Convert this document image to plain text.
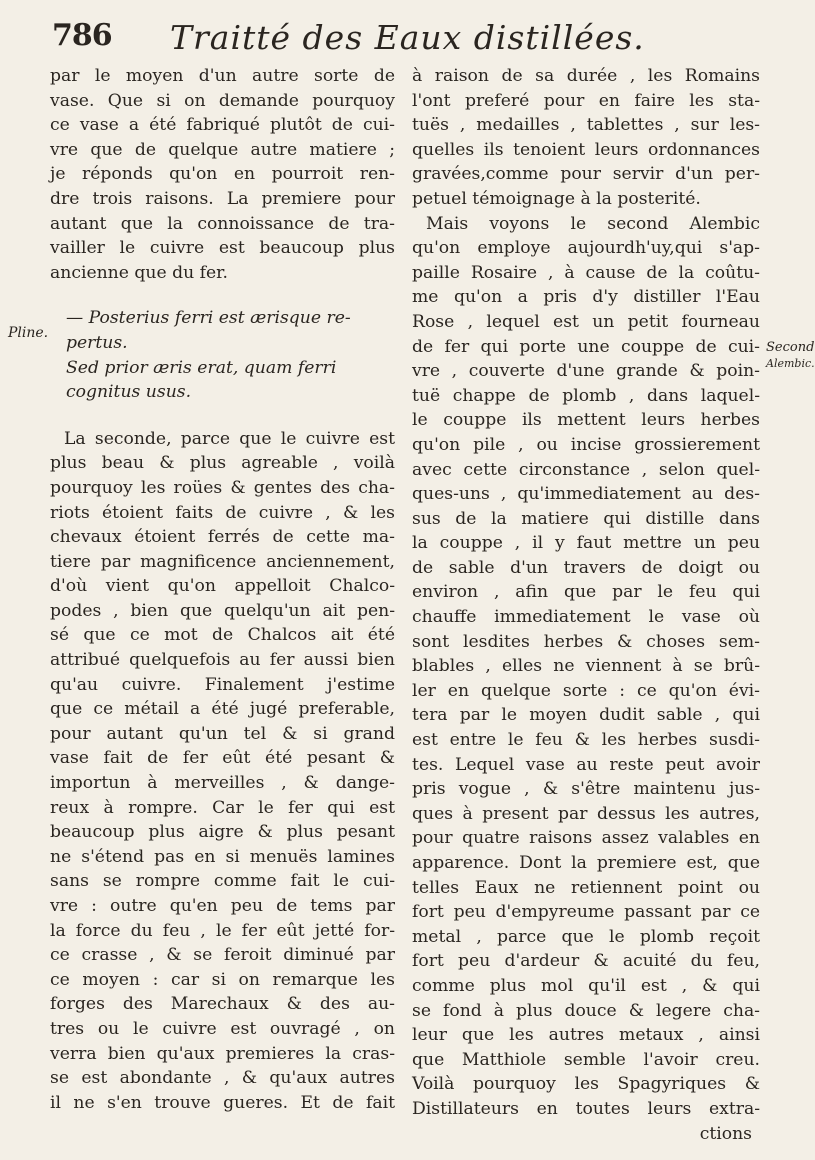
786 Traitté des Eaux distillées.
Pline.
Second
Alembic.
par le moyen d'un autre sorte de
vase. Que si on demande pourquoy
ce vase a été fabriqué plutôt de cui-
vre que de quelque autre matiere ;
je réponds qu'on en pourroit ren-
dre trois raisons. La premiere pour
autant que la connoissance de tra-
vailler le cuivre est beaucoup plus
ancienne que du fer.
— Posterius ferri est ærisque re-
pertus.
Sed prior æris erat, quam ferri
cognitus usus.
La seconde, parce que le cuivre est
plus beau & plus agreable , voilà
pourquoy les roües & gentes des cha-
riots étoient faits de cuivre , & les
chevaux étoient ferrés de cette ma-
tiere par magnificence anciennement,
d'où vient qu'on appelloit Chalco-
podes , bien que quelqu'un ait pen-
sé que ce mot de Chalcos ait été
attribué quelquefois au fer aussi bien
qu'au cuivre. Finalement j'estime
que ce métail a été jugé preferable,
pour autant qu'un tel & si grand
vase fait de fer eût été pesant &
importun à merveilles , & dange-
reux à rompre. Car le fer qui est
beaucoup plus aigre & plus pesant
ne s'étend pas en si menuës lamines
sans se rompre comme fait le cui-
vre : outre qu'en peu de tems par
la force du feu , le fer eût jetté for-
ce crasse , & se feroit diminué par
ce moyen : car si on remarque les
forges des Marechaux & des au-
tres ou le cuivre est ouvragé , on
verra bien qu'aux premieres la cras-
se est abondante , & qu'aux autres
il ne s'en trouve gueres. Et de fait
à raison de sa durée , les Romains
l'ont preferé pour en faire les sta-
tuës , medailles , tablettes , sur les-
quelles ils tenoient leurs ordonnances
gravées,comme pour servir d'un per-
petuel témoignage à la posterité.
Mais voyons le second Alembic
qu'on employe aujourdh'uy,qui s'ap-
paille Rosaire , à cause de la coûtu-
me qu'on a pris d'y distiller l'Eau
Rose , lequel est un petit fourneau
de fer qui porte une couppe de cui-
vre , couverte d'une grande & poin-
tuë chappe de plomb , dans laquel-
le couppe ils mettent leurs herbes
qu'on pile , ou incise grossierement
avec cette circonstance , selon quel-
ques-uns , qu'immediatement au des-
sus de la matiere qui distille dans
la couppe , il y faut mettre un peu
de sable d'un travers de doigt ou
environ , afin que par le feu qui
chauffe immediatement le vase où
sont lesdites herbes & choses sem-
blables , elles ne viennent à se brû-
ler en quelque sorte : ce qu'on évi-
tera par le moyen dudit sable , qui
est entre le feu & les herbes susdi-
tes. Lequel vase au reste peut avoir
pris vogue , & s'être maintenu jus-
ques à present par dessus les autres,
pour quatre raisons assez valables en
apparence. Dont la premiere est, que
telles Eaux ne retiennent point ou
fort peu d'empyreume passant par ce
metal , parce que le plomb reçoit
fort peu d'ardeur & acuité du feu,
comme plus mol qu'il est , & qui
se fond à plus douce & legere cha-
leur que les autres metaux , ainsi
que Matthiole semble l'avoir creu.
Voilà pourquoy les Spagyriques &
Distillateurs en toutes leurs extra-
ctions
